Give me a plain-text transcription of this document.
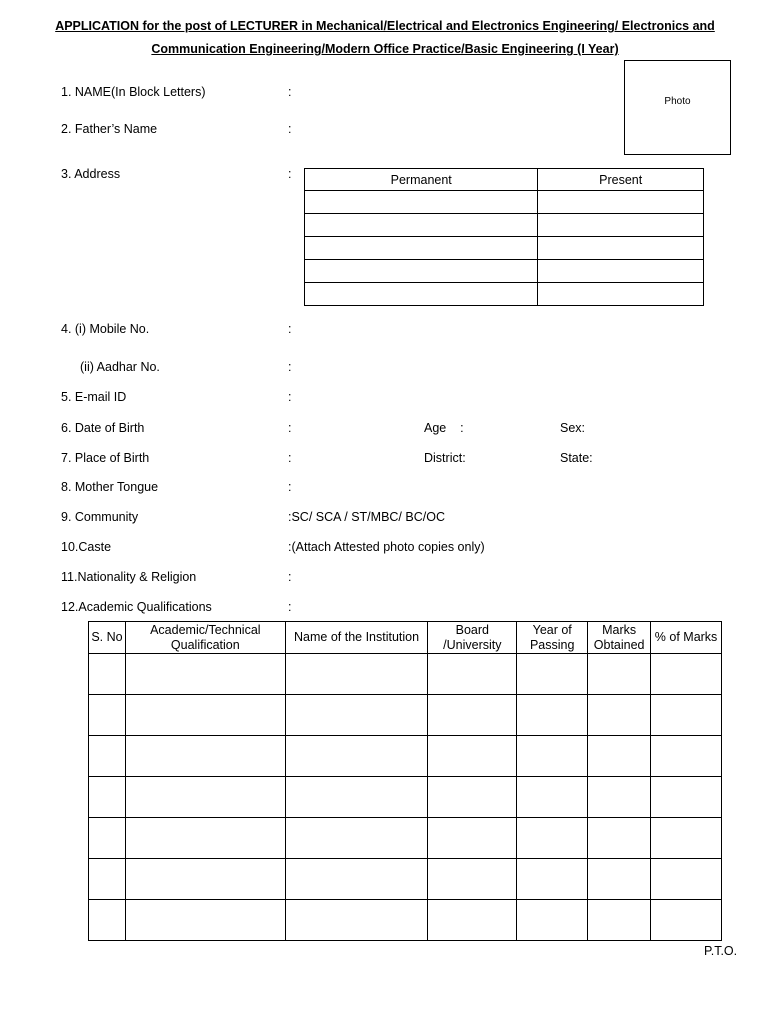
APPLICATION for the post of LECTURER in Mechanical/Electrical and Electronics Engineering/ Electronics and
Communication Engineering/Modern Office Practice/Basic Engineering (I Year)
Photo
1. NAME(In Block Letters)	:
2. Father’s Name	:
3. Address	:	Permanent	Present

4. (i) Mobile No.	:
(ii) Aadhar No.	:
5. E-mail ID	:
6. Date of Birth	:	Age    :	Sex:
7. Place of Birth	:	District:	State:
8. Mother Tongue	:
9. Community	:SC/ SCA / ST/MBC/ BC/OC
10.Caste	:(Attach Attested photo copies only)
11.Nationality & Religion	:
12.Academic Qualifications	:
S. No	Academic/Technical Qualification	Name of the Institution	Board /University	Year of Passing	Marks Obtained	% of Marks

P.T.O.
